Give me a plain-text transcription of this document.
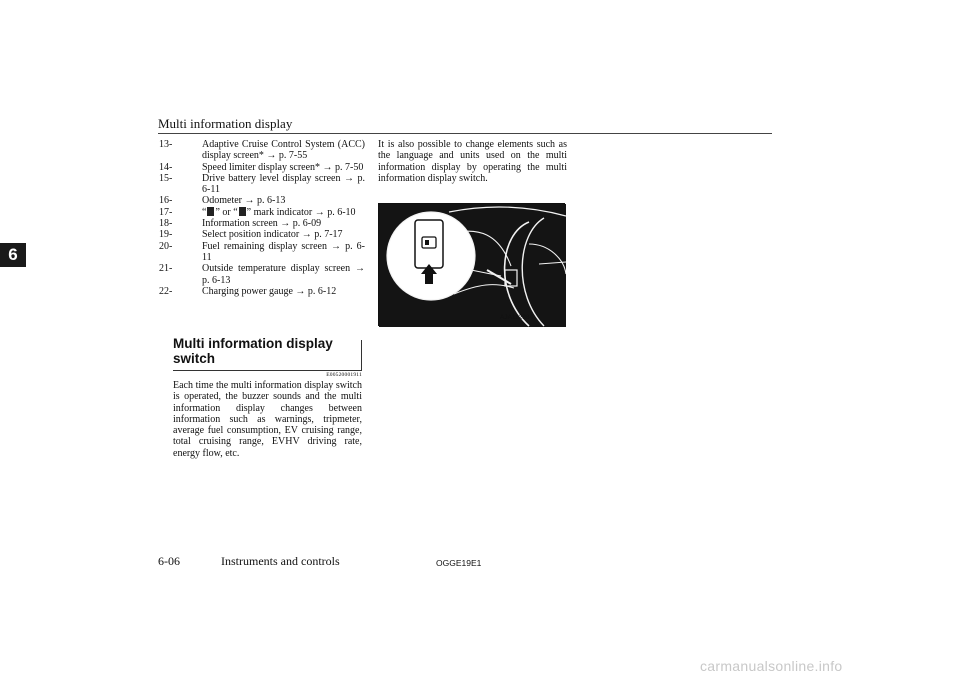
Multi information display
6
13-	Adaptive Cruise Control System (ACC) display screen* → p. 7-55
14-	Speed limiter display screen* → p. 7-50
15-	Drive battery level display screen → p. 6-11
16-	Odometer → p. 6-13
17-	“ ” or “ ” mark indicator → p. 6-10
18-	Information screen → p. 6-09
19-	Select position indicator → p. 7-17
20-	Fuel remaining display screen → p. 6-11
21-	Outside temperature display screen → p. 6-13
22-	Charging power gauge → p. 6-12
Multi information display switch
E00520001911
Each time the multi information display switch is operated, the buzzer sounds and the multi information display changes between information such as warnings, tripmeter, average fuel consumption, EV cruising range, total cruising range, EVHV driving rate, energy flow, etc.
It is also possible to change elements such as the language and units used on the multi information display by operating the multi information display switch.
AJA112884
6-06	Instruments and controls	OGGE19E1
carmanualsonline.info
